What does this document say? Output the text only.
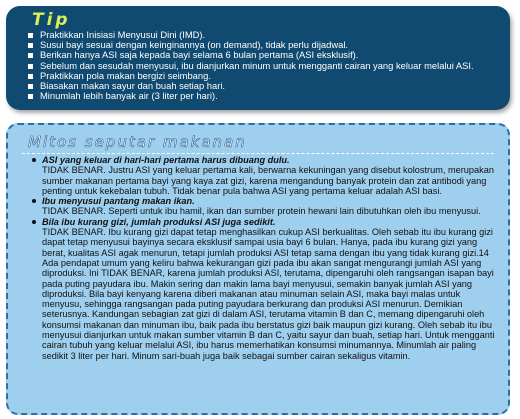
Tip
Praktikkan Inisiasi Menyusui Dini (IMD).
Susui bayi sesuai dengan keinginannya (on demand), tidak perlu dijadwal.
Berikan hanya ASI saja kepada bayi selama 6 bulan pertama (ASI eksklusif).
Sebelum dan sesudah menyusui, ibu dianjurkan minum untuk mengganti cairan yang keluar melalui ASI.
Praktikkan pola makan bergizi seimbang.
Biasakan makan sayur dan buah setiap hari.
Minumlah lebih banyak air (3 liter per hari).
Mitos seputar makanan
ASI yang keluar di hari-hari pertama harus dibuang dulu.
TIDAK BENAR. Justru ASI yang keluar pertama kali, berwarna kekuningan yang disebut kolostrum, merupakan sumber makanan pertama bayi yang kaya zat gizi, karena mengandung banyak protein dan zat antibodi yang penting untuk kekebalan tubuh. Tidak benar pula bahwa ASI yang pertama keluar adalah ASI basi.
Ibu menyusui pantang makan ikan.
TIDAK BENAR. Seperti untuk ibu hamil, ikan dan sumber protein hewani lain dibutuhkan oleh ibu menyusui.
Bila ibu kurang gizi, jumlah produksi ASI juga sedikit.
TIDAK BENAR. Ibu kurang gizi dapat tetap menghasilkan cukup ASI berkualitas. Oleh sebab itu ibu kurang gizi dapat tetap menyusui bayinya secara eksklusif sampai usia bayi 6 bulan. Hanya, pada ibu kurang gizi yang berat, kualitas ASI agak menurun, tetapi jumlah produksi ASI tetap sama dengan ibu yang tidak kurang gizi.14 Ada pendapat umum yang keliru bahwa kekurangan gizi pada ibu akan sangat mengurangi jumlah ASI yang diproduksi. Ini TIDAK BENAR, karena jumlah produksi ASI, terutama, dipengaruhi oleh rangsangan isapan bayi pada puting payudara ibu. Makin sering dan makin lama bayi menyusui, semakin banyak jumlah ASI yang diproduksi. Bila bayi kenyang karena diberi makanan atau minuman selain ASI, maka bayi malas untuk menyusu, sehingga rangsangan pada puting payudara berkurang dan produksi ASI menurun. Demikian seterusnya. Kandungan sebagian zat gizi di dalam ASI, terutama vitamin B dan C, memang dipengaruhi oleh konsumsi makanan dan minuman ibu, baik pada ibu berstatus gizi baik maupun gizi kurang. Oleh sebab itu ibu menyusui dianjurkan untuk makan sumber vitamin B dan C, yaitu sayur dan buah, setiap hari. Untuk mengganti cairan tubuh yang keluar melalui ASI, ibu harus memerhatikan konsumsi minumannya. Minumlah air paling sedikit 3 liter per hari. Minum sari-buah juga baik sebagai sumber cairan sekaligus vitamin.
